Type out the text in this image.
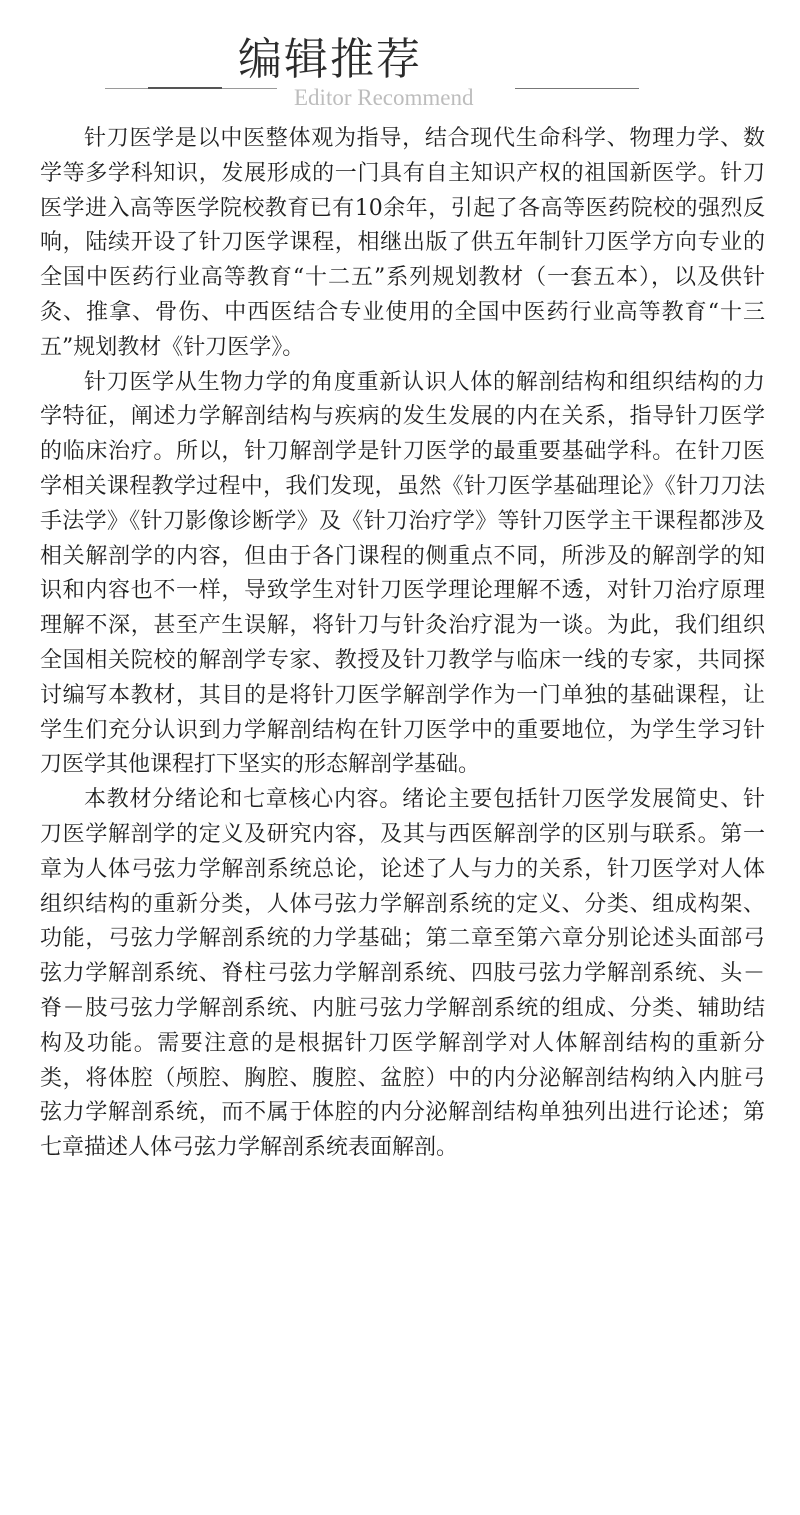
编辑推荐
Editor Recommend

针刀医学是以中医整体观为指导，结合现代生命科学、物理力学、数学等多学科知识，发展形成的一门具有自主知识产权的祖国新医学。针刀医学进入高等医学院校教育已有10余年，引起了各高等医药院校的强烈反响，陆续开设了针刀医学课程，相继出版了供五年制针刀医学方向专业的全国中医药行业高等教育“十二五”系列规划教材（一套五本），以及供针灸、推拿、骨伤、中西医结合专业使用的全国中医药行业高等教育“十三五”规划教材《针刀医学》。

针刀医学从生物力学的角度重新认识人体的解剖结构和组织结构的力学特征，阐述力学解剖结构与疾病的发生发展的内在关系，指导针刀医学的临床治疗。所以，针刀解剖学是针刀医学的最重要基础学科。在针刀医学相关课程教学过程中，我们发现，虽然《针刀医学基础理论》《针刀刀法手法学》《针刀影像诊断学》及《针刀治疗学》等针刀医学主干课程都涉及相关解剖学的内容，但由于各门课程的侧重点不同，所涉及的解剖学的知识和内容也不一样，导致学生对针刀医学理论理解不透，对针刀治疗原理理解不深，甚至产生误解，将针刀与针灸治疗混为一谈。为此，我们组织全国相关院校的解剖学专家、教授及针刀教学与临床一线的专家，共同探讨编写本教材，其目的是将针刀医学解剖学作为一门单独的基础课程，让学生们充分认识到力学解剖结构在针刀医学中的重要地位，为学生学习针刀医学其他课程打下坚实的形态解剖学基础。

本教材分绪论和七章核心内容。绪论主要包括针刀医学发展简史、针刀医学解剖学的定义及研究内容，及其与西医解剖学的区别与联系。第一章为人体弓弦力学解剖系统总论，论述了人与力的关系，针刀医学对人体组织结构的重新分类，人体弓弦力学解剖系统的定义、分类、组成构架、功能，弓弦力学解剖系统的力学基础；第二章至第六章分别论述头面部弓弦力学解剖系统、脊柱弓弦力学解剖系统、四肢弓弦力学解剖系统、头－脊－肢弓弦力学解剖系统、内脏弓弦力学解剖系统的组成、分类、辅助结构及功能。需要注意的是根据针刀医学解剖学对人体解剖结构的重新分类，将体腔（颅腔、胸腔、腹腔、盆腔）中的内分泌解剖结构纳入内脏弓弦力学解剖系统，而不属于体腔的内分泌解剖结构单独列出进行论述；第七章描述人体弓弦力学解剖系统表面解剖。
